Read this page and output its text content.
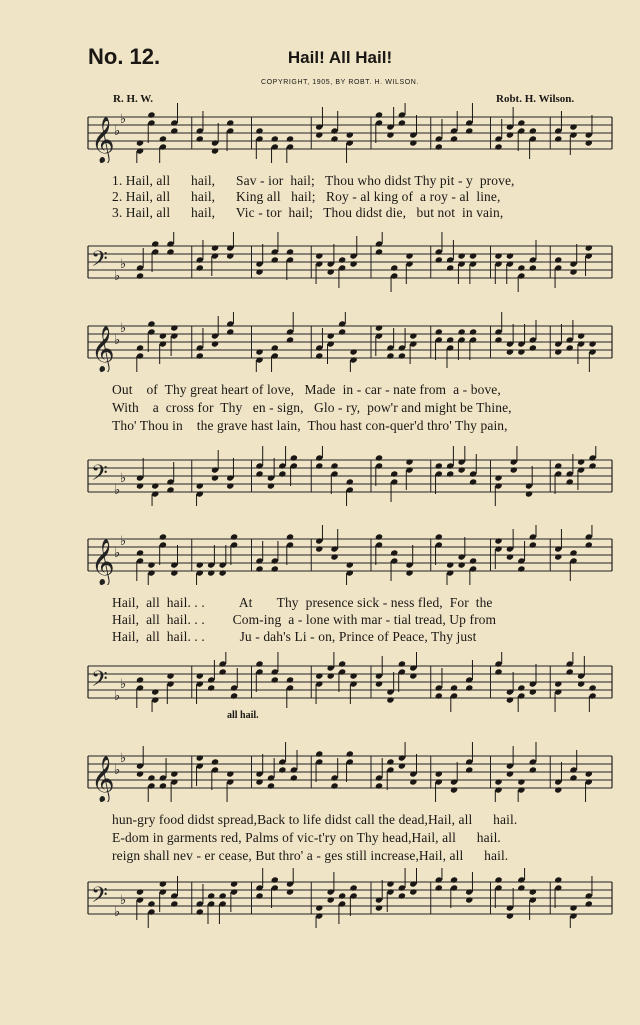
No. 12.	Hail! All Hail!
COPYRIGHT, 1905, BY ROBT. H. WILSON.
R. H. W.	Robt. H. Wilson.
𝄞 ♭
♭
1. Hail, all      hail,      Sav - ior  hail;   Thou who didst Thy pit - y  prove,
2. Hail, all      hail,      King all   hail;   Roy - al king of  a roy - al  line,
3. Hail, all      hail,      Vic - tor  hail;   Thou didst die,   but not  in vain,
𝄢 ♭
♭
𝄞 ♭
♭
Out    of  Thy great heart of love,   Made  in - car - nate from  a - bove,
With    a  cross for  Thy   en - sign,   Glo - ry,  pow'r and might be Thine,
Tho' Thou in    the grave hast lain,  Thou hast con-quer'd thro' Thy pain,
𝄢 ♭
♭
𝄞 ♭
♭
Hail,  all  hail. . .          At       Thy  presence sick - ness fled,  For  the
Hail,  all  hail. . .        Com-ing  a - lone with mar - tial tread, Up from
Hail,  all  hail. . .          Ju - dah's Li - on, Prince of Peace, Thy just
𝄢 ♭
♭
all hail.
𝄞 ♭
♭
hun-gry food didst spread,Back to life didst call the dead,Hail, all      hail.
E-dom in garments red, Palms of vic-t'ry on Thy head,Hail, all      hail.
reign shall nev - er cease, But thro' a - ges still increase,Hail, all      hail.
𝄢 ♭
♭
